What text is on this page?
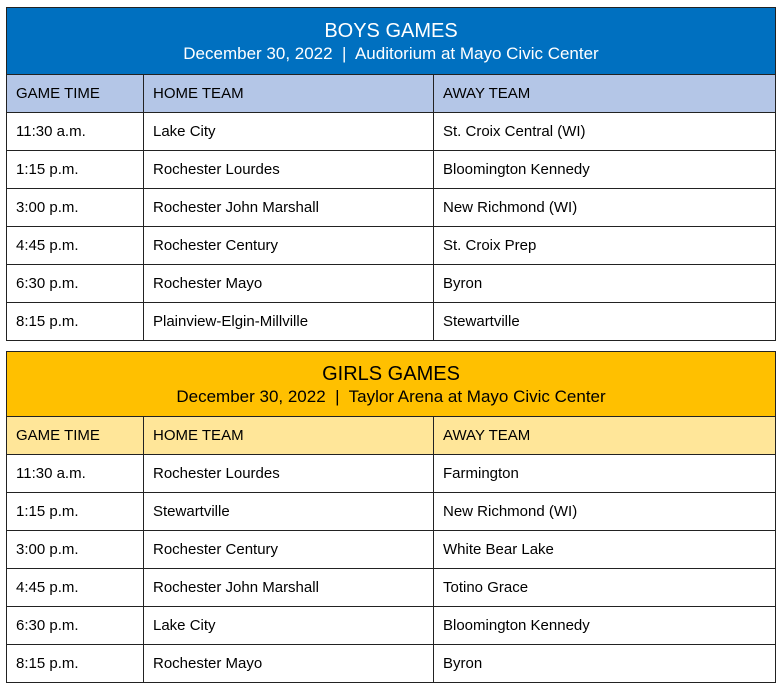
BOYS GAMES
December 30, 2022  |  Auditorium at Mayo Civic Center		

GAME TIME	HOME TEAM	AWAY TEAM
11:30 a.m.	Lake City	St. Croix Central (WI)
1:15 p.m.	Rochester Lourdes	Bloomington Kennedy
3:00 p.m.	Rochester John Marshall	New Richmond (WI)
4:45 p.m.	Rochester Century	St. Croix Prep
6:30 p.m.	Rochester Mayo	Byron
8:15 p.m.	Plainview-Elgin-Millville	Stewartville
GIRLS GAMES
December 30, 2022  |  Taylor Arena at Mayo Civic Center		

GAME TIME	HOME TEAM	AWAY TEAM
11:30 a.m.	Rochester Lourdes	Farmington
1:15 p.m.	Stewartville	New Richmond (WI)
3:00 p.m.	Rochester Century	White Bear Lake
4:45 p.m.	Rochester John Marshall	Totino Grace
6:30 p.m.	Lake City	Bloomington Kennedy
8:15 p.m.	Rochester Mayo	Byron
